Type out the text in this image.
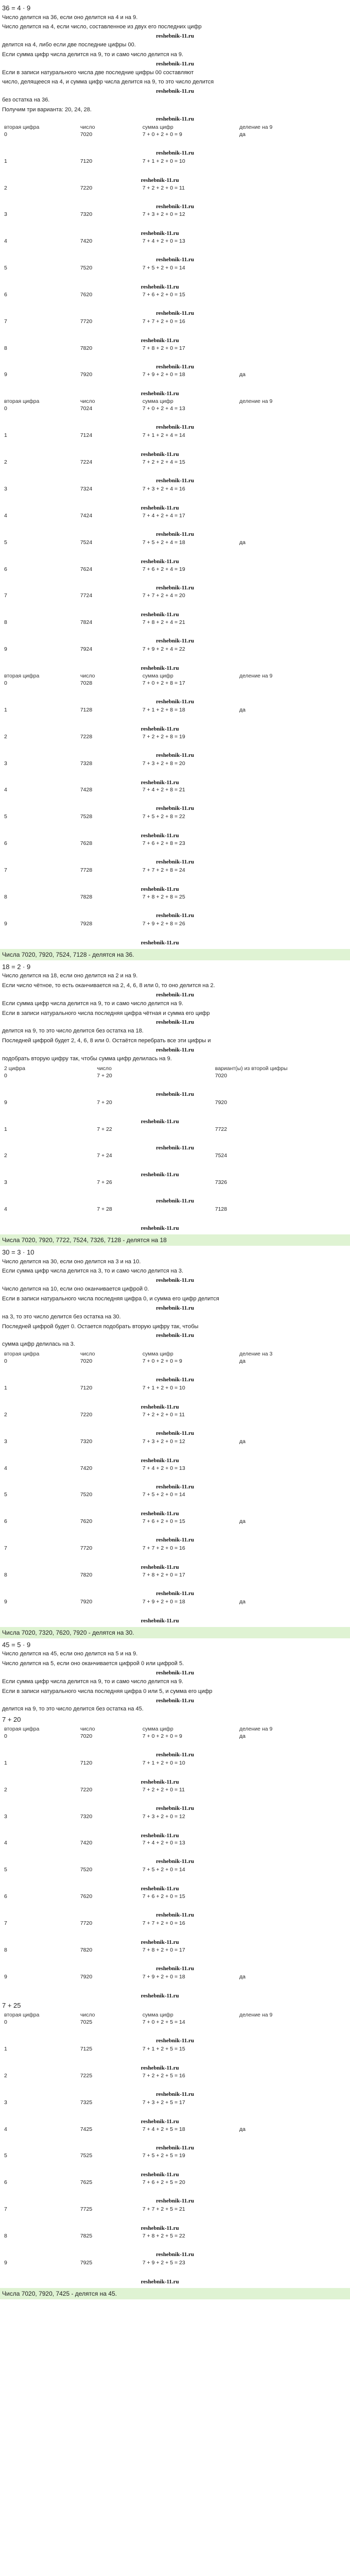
36 = 4 · 9
Число делится на 36, если оно делится на 4 и на 9.
Число делится на 4, если число, составленное из двух его последних цифр
reshebnik-11.ru
делится на 4, либо если две последние цифры 00.
Если сумма цифр числа делится на 9, то и само число делится на 9.
reshebnik-11.ru
Если в записи натурального числа две последние цифры 00 составляют
число, делящееся на 4, и сумма цифр числа делится на 9, то это число делится
reshebnik-11.ru
без остатка на 36.
Получим три варианта: 20, 24, 28.
reshebnik-11.ru
вторая цифра	число	сумма цифр	деление на 9
0	7020	7 + 0 + 2 + 0 = 9	да

reshebnik-11.ru			

1	7120	7 + 1 + 2 + 0 = 10	

reshebnik-11.ru			

2	7220	7 + 2 + 2 + 0 = 11	

reshebnik-11.ru			

3	7320	7 + 3 + 2 + 0 = 12	

reshebnik-11.ru			

4	7420	7 + 4 + 2 + 0 = 13	

reshebnik-11.ru			

5	7520	7 + 5 + 2 + 0 = 14	

reshebnik-11.ru			

6	7620	7 + 6 + 2 + 0 = 15	

reshebnik-11.ru			

7	7720	7 + 7 + 2 + 0 = 16	

reshebnik-11.ru			

8	7820	7 + 8 + 2 + 0 = 17	

reshebnik-11.ru			

9	7920	7 + 9 + 2 + 0 = 18	да

reshebnik-11.ru			
вторая цифра	число	сумма цифр	деление на 9
0	7024	7 + 0 + 2 + 4 = 13	

reshebnik-11.ru			

1	7124	7 + 1 + 2 + 4 = 14	

reshebnik-11.ru			

2	7224	7 + 2 + 2 + 4 = 15	

reshebnik-11.ru			

3	7324	7 + 3 + 2 + 4 = 16	

reshebnik-11.ru			

4	7424	7 + 4 + 2 + 4 = 17	

reshebnik-11.ru			

5	7524	7 + 5 + 2 + 4 = 18	да

reshebnik-11.ru			

6	7624	7 + 6 + 2 + 4 = 19	

reshebnik-11.ru			

7	7724	7 + 7 + 2 + 4 = 20	

reshebnik-11.ru			

8	7824	7 + 8 + 2 + 4 = 21	

reshebnik-11.ru			

9	7924	7 + 9 + 2 + 4 = 22	

reshebnik-11.ru			
вторая цифра	число	сумма цифр	деление на 9
0	7028	7 + 0 + 2 + 8 = 17	

reshebnik-11.ru			

1	7128	7 + 1 + 2 + 8 = 18	да

reshebnik-11.ru			

2	7228	7 + 2 + 2 + 8 = 19	

reshebnik-11.ru			

3	7328	7 + 3 + 2 + 8 = 20	

reshebnik-11.ru			

4	7428	7 + 4 + 2 + 8 = 21	

reshebnik-11.ru			

5	7528	7 + 5 + 2 + 8 = 22	

reshebnik-11.ru			

6	7628	7 + 6 + 2 + 8 = 23	

reshebnik-11.ru			

7	7728	7 + 7 + 2 + 8 = 24	

reshebnik-11.ru			

8	7828	7 + 8 + 2 + 8 = 25	

reshebnik-11.ru			

9	7928	7 + 9 + 2 + 8 = 26	

reshebnik-11.ru			
Числа 7020, 7920, 7524, 7128 - делятся на 36.
18 = 2 · 9
Число делится на 18, если оно делится на 2 и на 9.
Если число чётное, то есть оканчивается на 2, 4, 6, 8 или 0, то оно делится на 2.
reshebnik-11.ru
Если сумма цифр числа делится на 9, то и само число делится на 9.
Если в записи натурального числа последняя цифра чётная и сумма его цифр
reshebnik-11.ru
делится на 9, то это число делится без остатка на 18.
Последней цифрой будет 2, 4, 6, 8 или 0. Остаётся перебрать все эти цифры и
reshebnik-11.ru
подобрать вторую цифру так, чтобы сумма цифр делилась на 9.
2 цифра	число	вариант(ы) из второй цифры
0	7 + 20	7020

reshebnik-11.ru		

9	7 + 20	7920

reshebnik-11.ru		

1	7 + 22	7722

reshebnik-11.ru		

2	7 + 24	7524

reshebnik-11.ru		

3	7 + 26	7326

reshebnik-11.ru		

4	7 + 28	7128

reshebnik-11.ru		
Числа 7020, 7920, 7722, 7524, 7326, 7128 - делятся на 18
30 = 3 · 10
Число делится на 30, если оно делится на 3 и на 10.
Если сумма цифр числа делится на 3, то и само число делится на 3.
reshebnik-11.ru
Число делится на 10, если оно оканчивается цифрой 0.
Если в записи натурального числа последняя цифра 0, и сумма его цифр делится
reshebnik-11.ru
на 3, то это число делится без остатка на 30.
Последней цифрой будет 0. Остается подобрать вторую цифру так, чтобы
reshebnik-11.ru
сумма цифр делилась на 3.
вторая цифра	число	сумма цифр	деление на 3
0	7020	7 + 0 + 2 + 0 = 9	да

reshebnik-11.ru			

1	7120	7 + 1 + 2 + 0 = 10	

reshebnik-11.ru			

2	7220	7 + 2 + 2 + 0 = 11	

reshebnik-11.ru			

3	7320	7 + 3 + 2 + 0 = 12	да

reshebnik-11.ru			

4	7420	7 + 4 + 2 + 0 = 13	

reshebnik-11.ru			

5	7520	7 + 5 + 2 + 0 = 14	

reshebnik-11.ru			

6	7620	7 + 6 + 2 + 0 = 15	да

reshebnik-11.ru			

7	7720	7 + 7 + 2 + 0 = 16	

reshebnik-11.ru			

8	7820	7 + 8 + 2 + 0 = 17	

reshebnik-11.ru			

9	7920	7 + 9 + 2 + 0 = 18	да

reshebnik-11.ru			
Числа 7020, 7320, 7620, 7920 - делятся на 30.
45 = 5 · 9
Число делится на 45, если оно делится на 5 и на 9.
Число делится на 5, если оно оканчивается цифрой 0 или цифрой 5.
reshebnik-11.ru
Если сумма цифр числа делится на 9, то и само число делится на 9.
Если в записи натурального числа последняя цифра 0 или 5, и сумма его цифр
reshebnik-11.ru
делится на 9, то это число делится без остатка на 45.
7 + 20
вторая цифра	число	сумма цифр	деление на 9
0	7020	7 + 0 + 2 + 0 = 9	да

reshebnik-11.ru			

1	7120	7 + 1 + 2 + 0 = 10	

reshebnik-11.ru			

2	7220	7 + 2 + 2 + 0 = 11	

reshebnik-11.ru			

3	7320	7 + 3 + 2 + 0 = 12	

reshebnik-11.ru			

4	7420	7 + 4 + 2 + 0 = 13	

reshebnik-11.ru			

5	7520	7 + 5 + 2 + 0 = 14	

reshebnik-11.ru			

6	7620	7 + 6 + 2 + 0 = 15	

reshebnik-11.ru			

7	7720	7 + 7 + 2 + 0 = 16	

reshebnik-11.ru			

8	7820	7 + 8 + 2 + 0 = 17	

reshebnik-11.ru			

9	7920	7 + 9 + 2 + 0 = 18	да

reshebnik-11.ru			
7 + 25
вторая цифра	число	сумма цифр	деление на 9
0	7025	7 + 0 + 2 + 5 = 14	

reshebnik-11.ru			

1	7125	7 + 1 + 2 + 5 = 15	

reshebnik-11.ru			

2	7225	7 + 2 + 2 + 5 = 16	

reshebnik-11.ru			

3	7325	7 + 3 + 2 + 5 = 17	

reshebnik-11.ru			

4	7425	7 + 4 + 2 + 5 = 18	да

reshebnik-11.ru			

5	7525	7 + 5 + 2 + 5 = 19	

reshebnik-11.ru			

6	7625	7 + 6 + 2 + 5 = 20	

reshebnik-11.ru			

7	7725	7 + 7 + 2 + 5 = 21	

reshebnik-11.ru			

8	7825	7 + 8 + 2 + 5 = 22	

reshebnik-11.ru			

9	7925	7 + 9 + 2 + 5 = 23	

reshebnik-11.ru			
Числа 7020, 7920, 7425 - делятся на 45.
